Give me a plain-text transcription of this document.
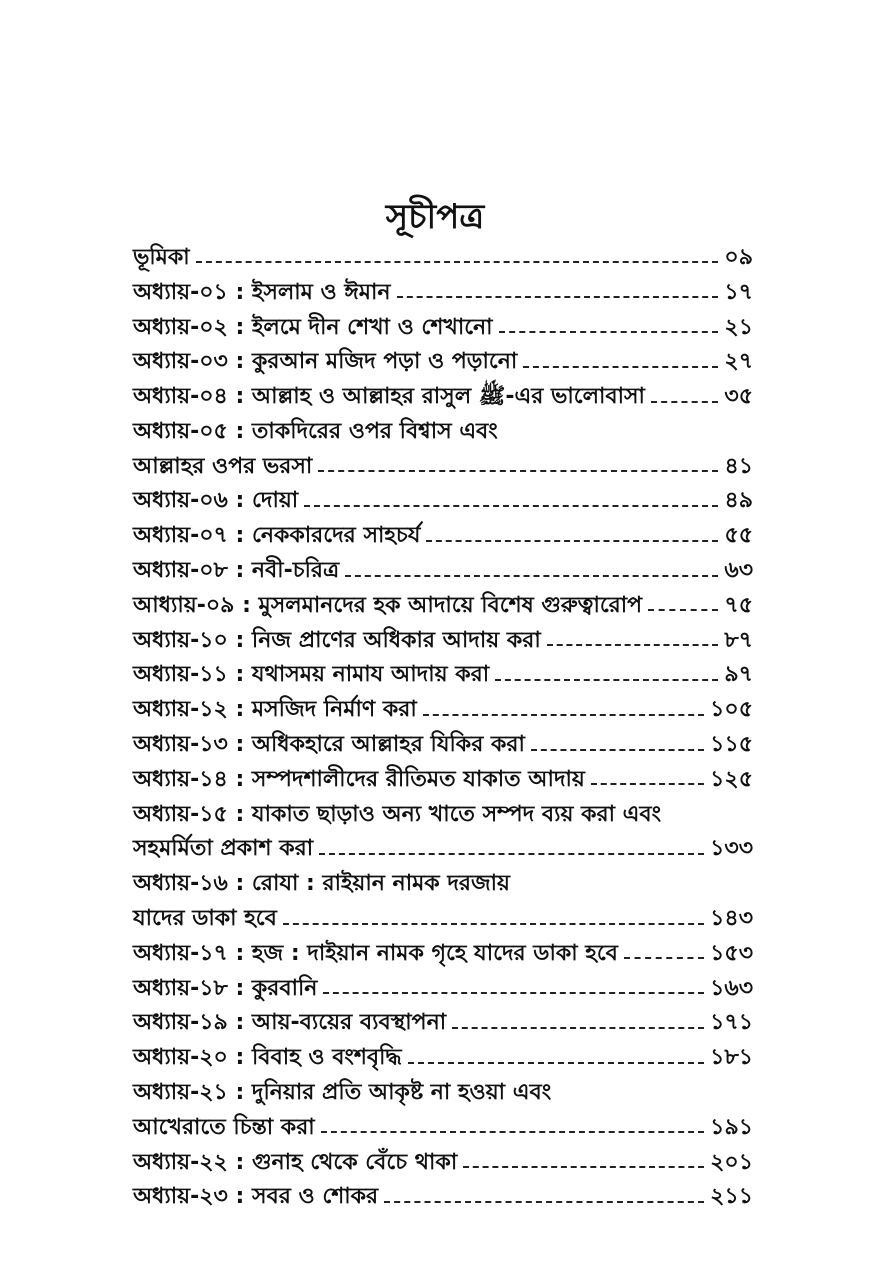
সূচীপত্র
ভূমিকা	০৯
অধ্যায়-০১ : ইসলাম ও ঈমান	১৭
অধ্যায়-০২ : ইলমে দীন শেখা ও শেখানো	২১
অধ্যায়-০৩ : কুরআন মজিদ পড়া ও পড়ানো	২৭
অধ্যায়-০৪ : আল্লাহ ও আল্লাহর রাসুল ﷺ-এর ভালোবাসা	৩৫
অধ্যায়-০৫ : তাকদিরের ওপর বিশ্বাস এবং
আল্লাহর ওপর ভরসা	৪১
অধ্যায়-০৬ : দোয়া	৪৯
অধ্যায়-০৭ : নেককারদের সাহচর্য	৫৫
অধ্যায়-০৮ : নবী-চরিত্র	৬৩
আধ্যায়-০৯ : মুসলমানদের হক আদায়ে বিশেষ গুরুত্বারোপ	৭৫
অধ্যায়-১০ : নিজ প্রাণের অধিকার আদায় করা	৮৭
অধ্যায়-১১ : যথাসময় নামায আদায় করা	৯৭
অধ্যায়-১২ : মসজিদ নির্মাণ করা	১০৫
অধ্যায়-১৩ : অধিকহারে আল্লাহর যিকির করা	১১৫
অধ্যায়-১৪ : সম্পদশালীদের রীতিমত যাকাত আদায়	১২৫
অধ্যায়-১৫ : যাকাত ছাড়াও অন্য খাতে সম্পদ ব্যয় করা এবং
সহমর্মিতা প্রকাশ করা	১৩৩
অধ্যায়-১৬ : রোযা : রাইয়ান নামক দরজায়
যাদের ডাকা হবে	১৪৩
অধ্যায়-১৭ : হজ : দাইয়ান নামক গৃহে যাদের ডাকা হবে	১৫৩
অধ্যায়-১৮ : কুরবানি	১৬৩
অধ্যায়-১৯ : আয়-ব্যয়ের ব্যবস্থাপনা	১৭১
অধ্যায়-২০ : বিবাহ ও বংশবৃদ্ধি	১৮১
অধ্যায়-২১ : দুনিয়ার প্রতি আকৃষ্ট না হওয়া এবং
আখেরাতে চিন্তা করা	১৯১
অধ্যায়-২২ : গুনাহ থেকে বেঁচে থাকা	২০১
অধ্যায়-২৩ : সবর ও শোকর	২১১
